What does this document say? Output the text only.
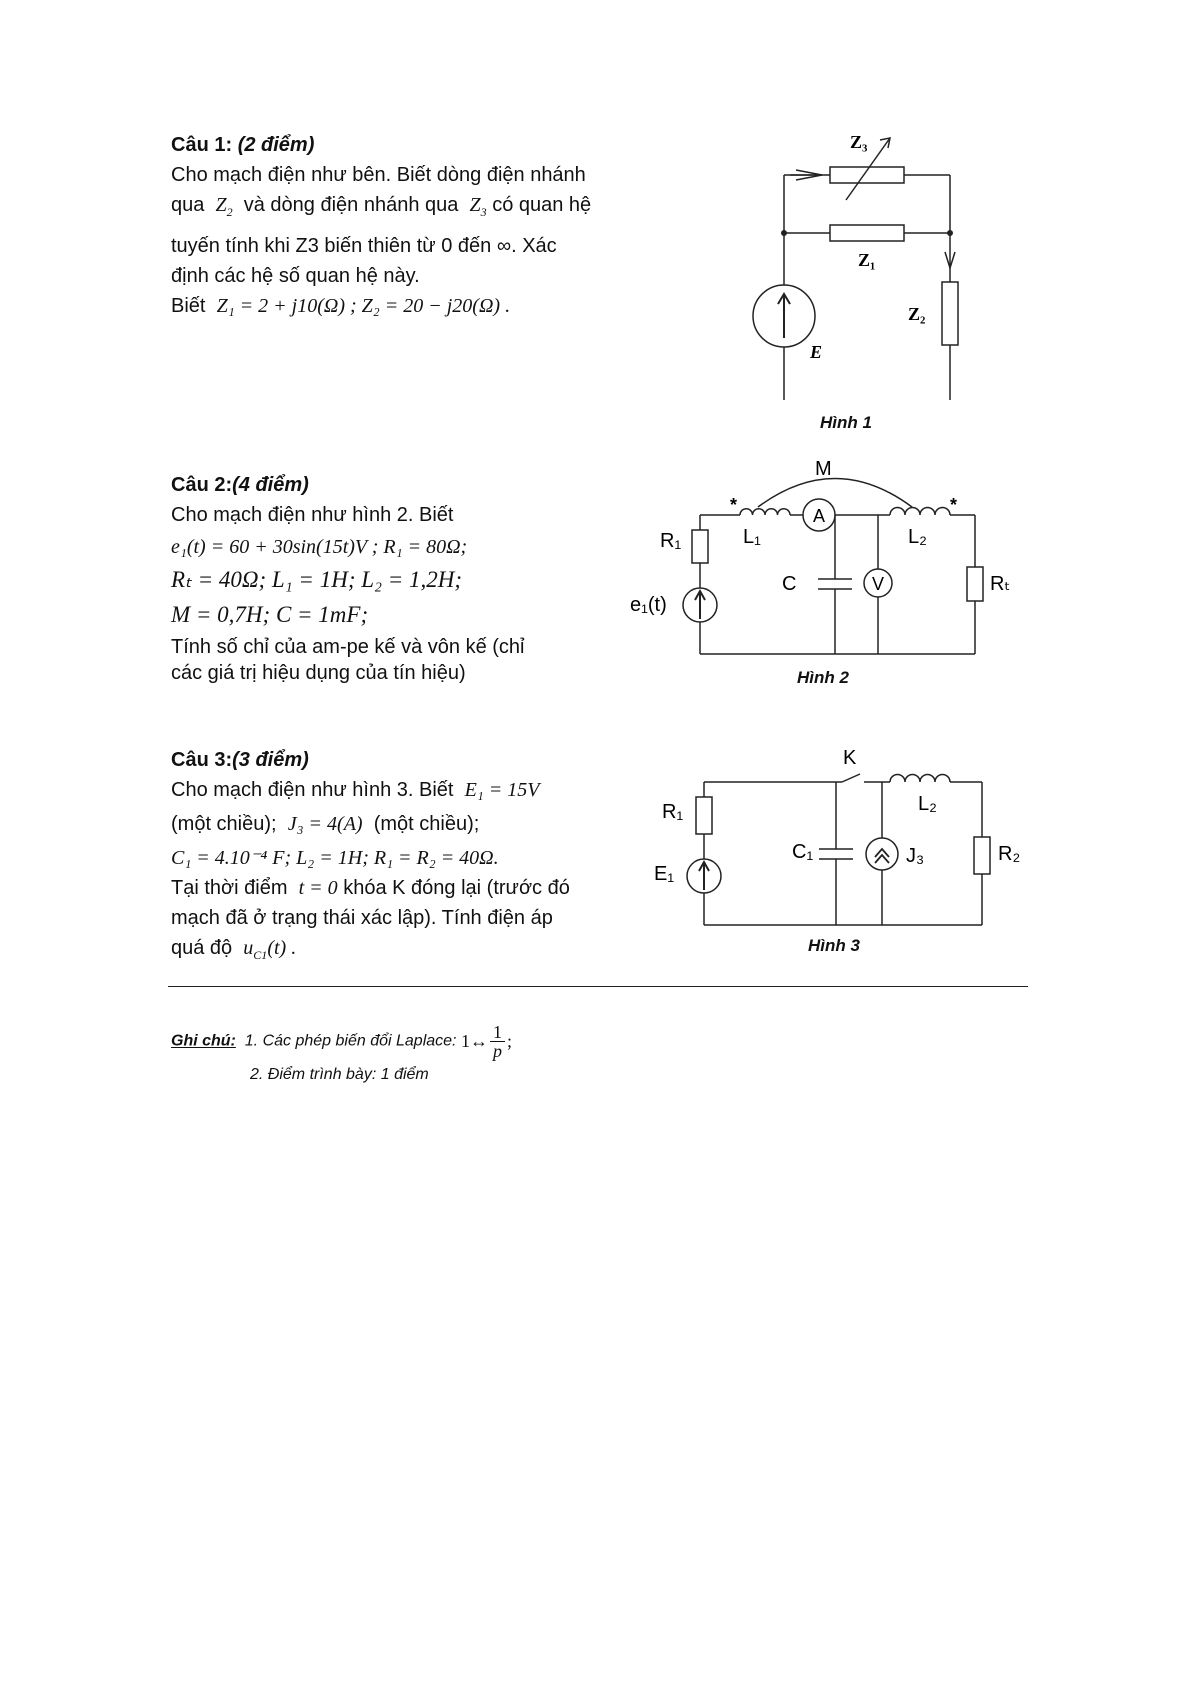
Câu 1: (2 điểm)
Cho mạch điện như bên. Biết dòng điện nhánh
qua $Z_2$ và dòng điện nhánh qua $Z_3$ có quan hệ
tuyến tính khi Z3 biến thiên từ 0 đến ∞. Xác
định các hệ số quan hệ này.
Biết Z₁ = 2 + j10(Ω) ; Z₂ = 20 − j20(Ω) .
Z₃
Z₁
Z₂
E
Hình 1
Câu 2:(4 điểm)
Cho mạch điện như hình 2. Biết
e₁(t) = 60 + 30sin(15t)V ; R₁ = 80Ω;
Rₜ = 40Ω; L₁ = 1H; L₂ = 1,2H;
M = 0,7H; C = 1mF;
Tính số chỉ của am-pe kế và vôn kế (chỉ
các giá trị hiệu dụng của tín hiệu)
A
V
M
*	*
R₁	L₁	L₂
C	Rₜ
e₁(t)
Hình 2
Câu 3:(3 điểm)
Cho mạch điện như hình 3. Biết E₁ = 15V
(một chiều); J₃ = 4(A) (một chiều);
C₁ = 4.10⁻⁴ F; L₂ = 1H; R₁ = R₂ = 40Ω.
Tại thời điểm t = 0 khóa K đóng lại (trước đó
mạch đã ở trạng thái xác lập). Tính điện áp
quá độ $u_{C1}(t)$ .
K
R₁	L₂
C₁	J₃	R₂
E₁
Hình 3
Ghi chú: 1. Các phép biến đổi Laplace: 1↔ 1
p ;
2. Điểm trình bày: 1 điểm
